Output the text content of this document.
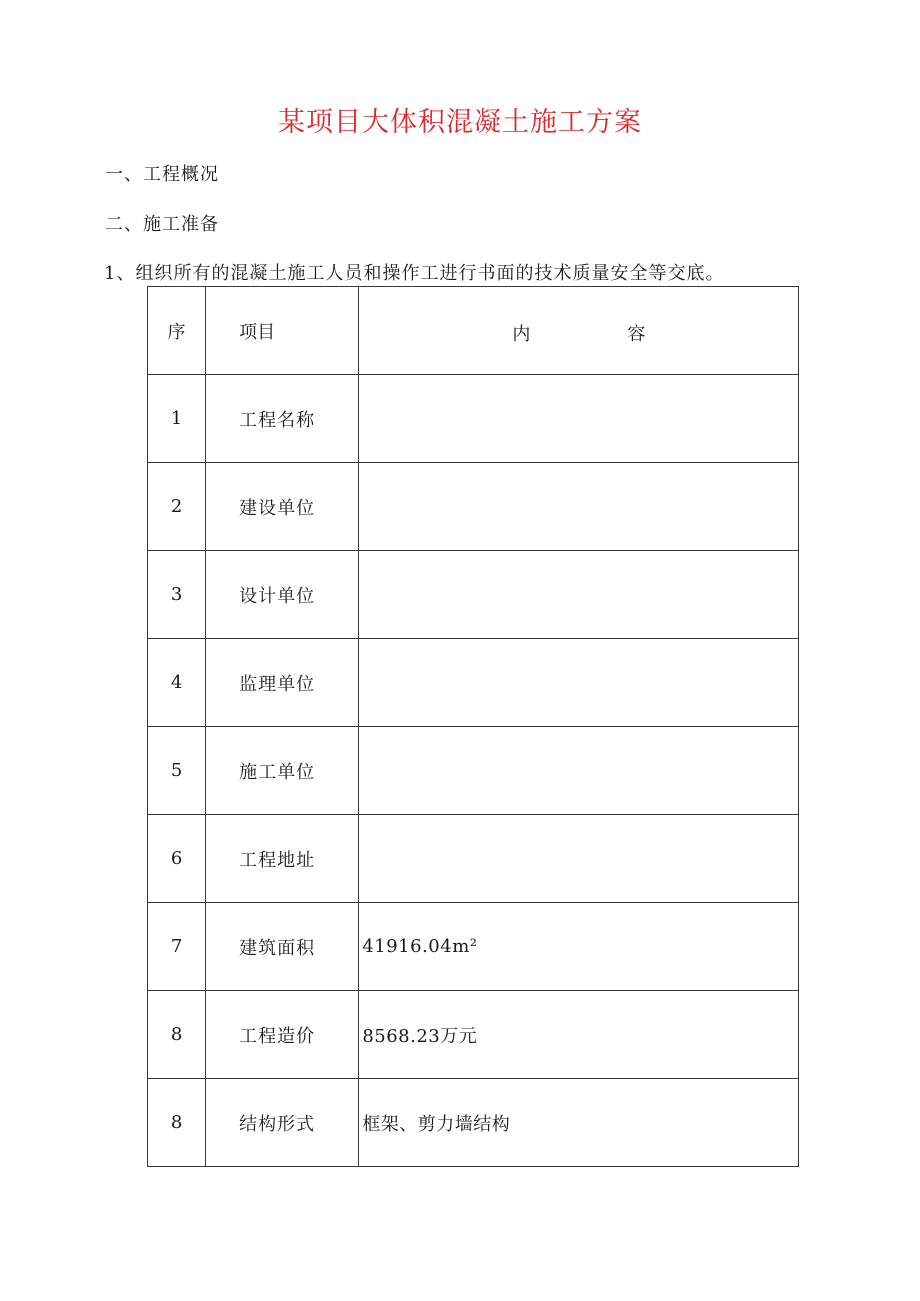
某项目大体积混凝土施工方案
一、工程概况
二、施工准备
1、组织所有的混凝土施工人员和操作工进行书面的技术质量安全等交底。
序	项目	内 容

1	工程名称	
2	建设单位	
3	设计单位	
4	监理单位	
5	施工单位	
6	工程地址	
7	建筑面积	41916.04m²
8	工程造价	8568.23万元
8	结构形式	框架、剪力墙结构
